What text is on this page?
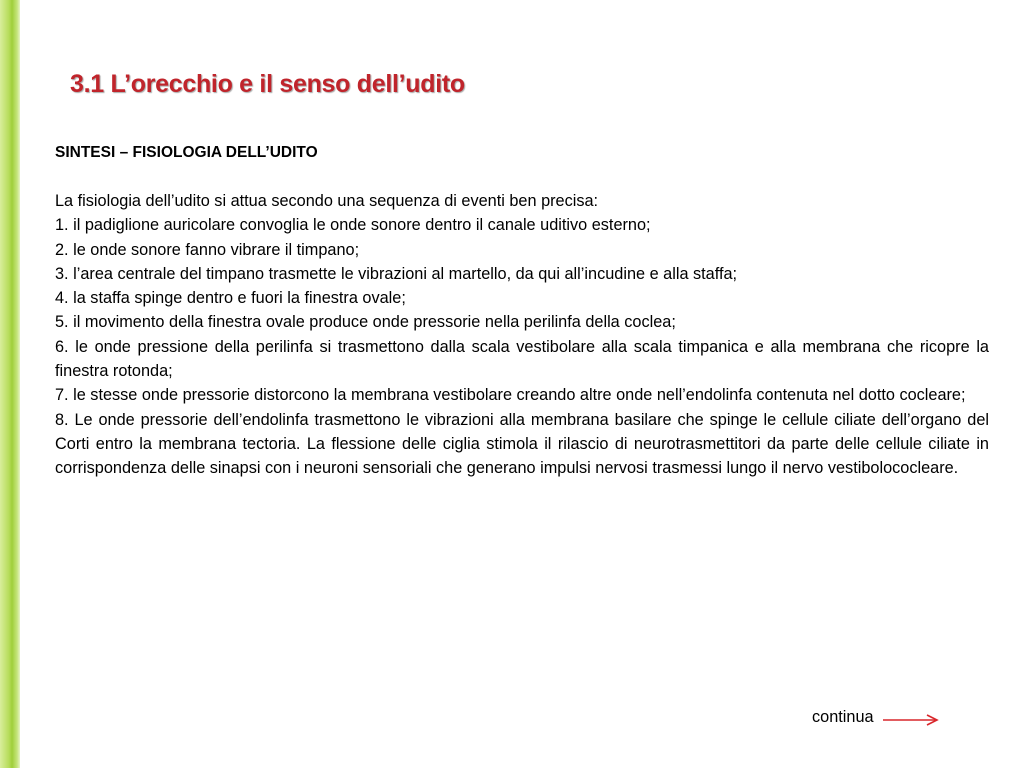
3.1 L’orecchio e il senso dell’udito
SINTESI – FISIOLOGIA DELL’UDITO

La fisiologia dell’udito si attua secondo una sequenza di eventi ben precisa:

1. il padiglione auricolare convoglia le onde sonore dentro il canale uditivo esterno;

2. le onde sonore fanno vibrare il timpano;

3. l’area centrale del timpano trasmette le vibrazioni al martello, da qui all’incudine e alla staffa;

4. la staffa spinge dentro e fuori la finestra ovale;

5. il movimento della finestra ovale produce onde pressorie nella perilinfa della coclea;

6. le onde pressione della perilinfa si trasmettono dalla scala vestibolare alla scala timpanica e alla membrana che ricopre la finestra rotonda;

7. le stesse onde pressorie distorcono la membrana vestibolare creando altre onde nell’endolinfa contenuta nel dotto cocleare;

8. Le onde pressorie dell’endolinfa trasmettono le vibrazioni alla membrana basilare che spinge le cellule ciliate dell’organo del Corti entro la membrana tectoria. La flessione delle ciglia stimola il rilascio di neurotrasmettitori da parte delle cellule ciliate in corrispondenza delle sinapsi con i neuroni sensoriali che generano impulsi nervosi trasmessi lungo il nervo vestibolococleare.

continua
